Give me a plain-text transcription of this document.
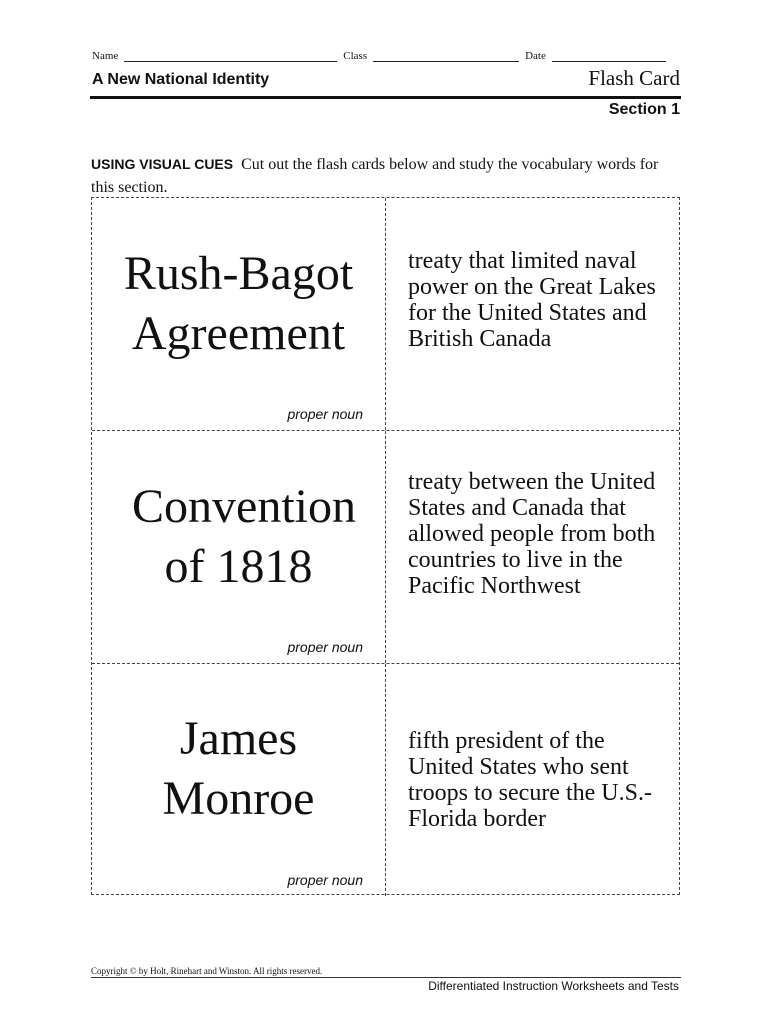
Name	Class	Date
A New National Identity	Flash Card
Section 1
USING VISUAL CUES Cut out the flash cards below and study the vocabulary words for this section.
Rush-Bagot Agreement
proper noun
treaty that limited naval power on the Great Lakes for the United States and British Canada
Convention of 1818
proper noun
treaty between the United States and Canada that allowed people from both countries to live in the Pacific Northwest
James Monroe
proper noun
fifth president of the United States who sent troops to secure the U.S.-Florida border
Copyright © by Holt, Rinehart and Winston. All rights reserved.
Differentiated Instruction Worksheets and Tests
